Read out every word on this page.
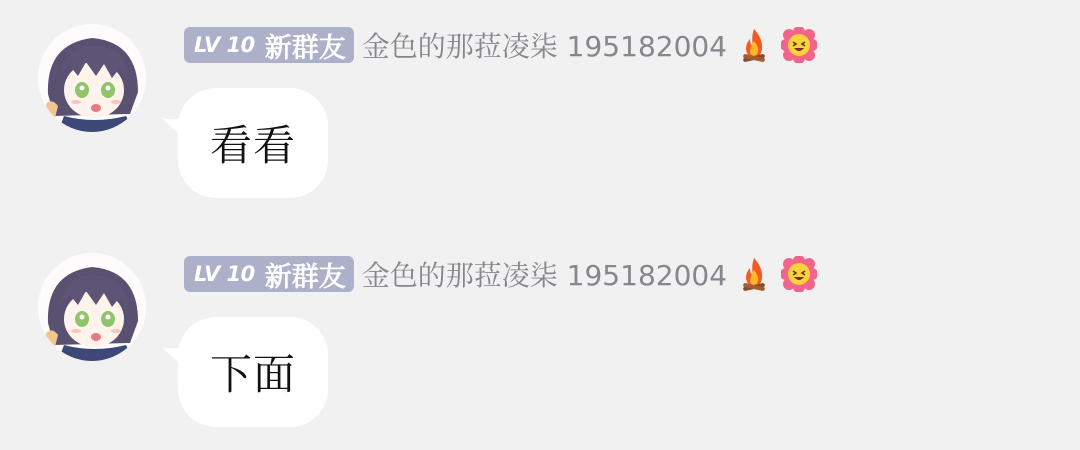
LV 10 新群友 金色的那菈凌柒 195182004
看看
LV 10 新群友 金色的那菈凌柒 195182004
下面
